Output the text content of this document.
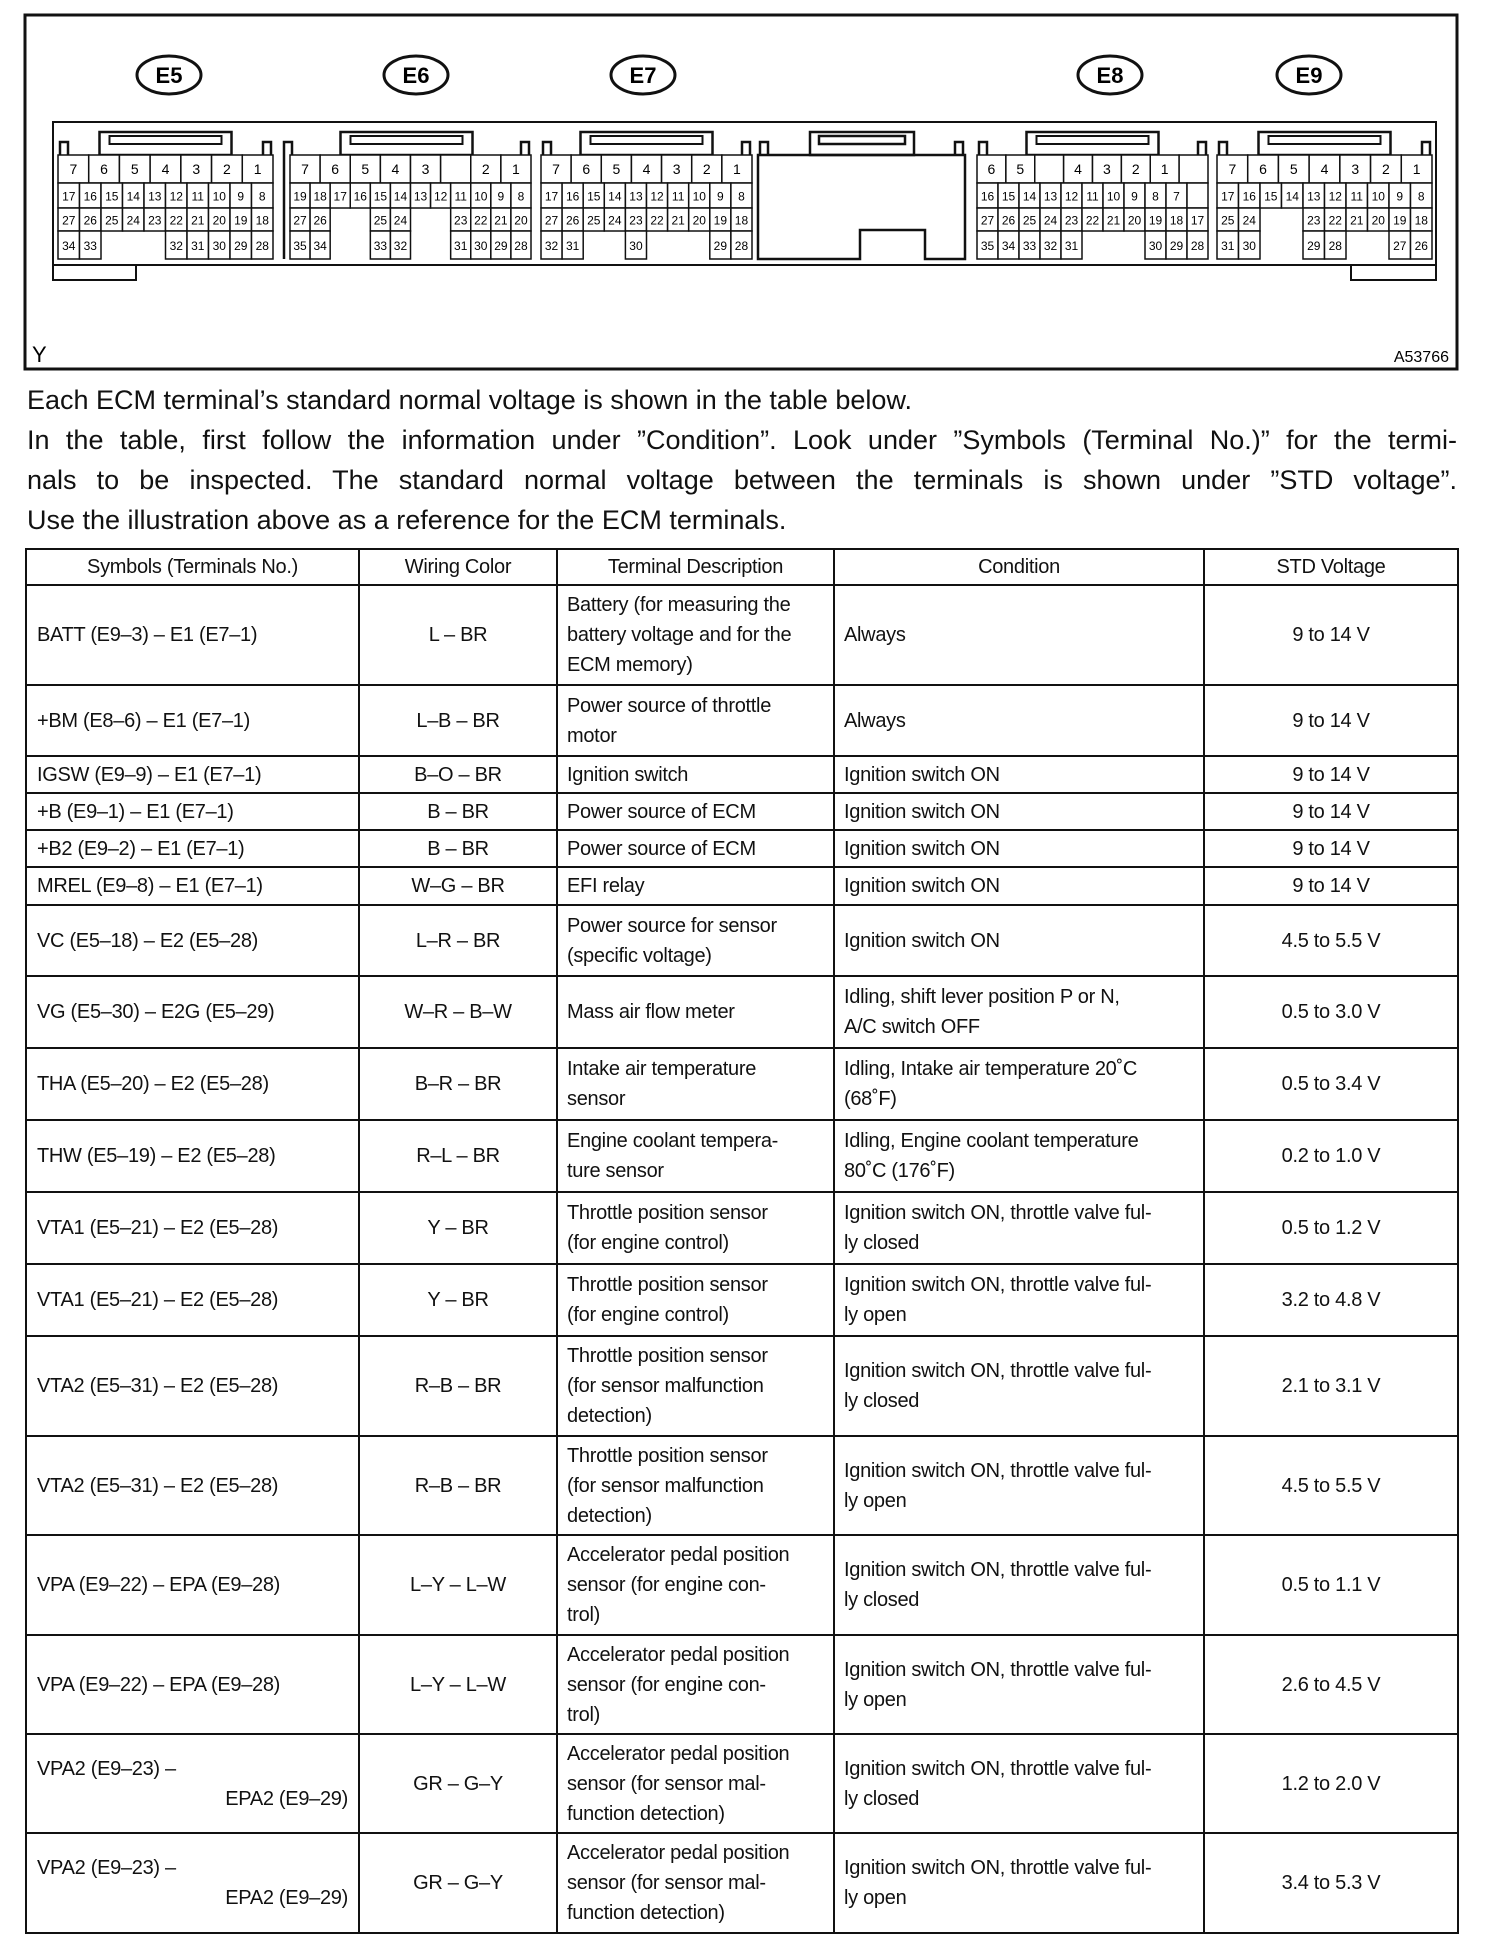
E5
7 6 5 4 3 2 1
17 16 15 14 13 12 11 10 9 8
27 26 25 24 23 22 21 20 19 18
34 33	32 31 30 29 28
E6
7 6 5 4 3	2 1
19 18 17 16 15 14 13 12 11 10 9 8
27 26	25 24	23 22 21 20
35 34	33 32	31 30 29 28
E7
7 6 5 4 3 2 1
17 16 15 14 13 12 11 10 9 8
27 26 25 24 23 22 21 20 19 18
32 31	30	29 28
E8
6 5	4 3 2 1
16 15 14 13 12 11 10 9 8 7
27 26 25 24 23 22 21 20 19 18 17
35 34 33 32 31	30 29 28
E9
7 6 5 4 3 2 1
17 16 15 14 13 12 11 10 9 8
25 24	23 22 21 20 19 18
31 30	29 28	27 26
Y	A53766
Each ECM terminal’s standard normal voltage is shown in the table below.
In the table, first follow the information under ”Condition”. Look under ”Symbols (Terminal No.)” for the termi-
nals to be inspected. The standard normal voltage between the terminals is shown under ”STD voltage”.
Use the illustration above as a reference for the ECM terminals.
Symbols (Terminals No.)	Wiring Color	Terminal Description	Condition	STD Voltage

BATT (E9–3) – E1 (E7–1)	L – BR	Battery (for measuring the
battery voltage and for the
ECM memory)	Always	9 to 14 V

+BM (E8–6) – E1 (E7–1)	L–B – BR	Power source of throttle
motor	Always	9 to 14 V

IGSW (E9–9) – E1 (E7–1)	B–O – BR	Ignition switch	Ignition switch ON	9 to 14 V

+B (E9–1) – E1 (E7–1)	B – BR	Power source of ECM	Ignition switch ON	9 to 14 V

+B2 (E9–2) – E1 (E7–1)	B – BR	Power source of ECM	Ignition switch ON	9 to 14 V

MREL (E9–8) – E1 (E7–1)	W–G – BR	EFI relay	Ignition switch ON	9 to 14 V

VC (E5–18) – E2 (E5–28)	L–R – BR	Power source for sensor
(specific voltage)	Ignition switch ON	4.5 to 5.5 V

VG (E5–30) – E2G (E5–29)	W–R – B–W	Mass air flow meter	Idling, shift lever position P or N,
A/C switch OFF	0.5 to 3.0 V

THA (E5–20) – E2 (E5–28)	B–R – BR	Intake air temperature
sensor	Idling, Intake air temperature 20˚C
(68˚F)	0.5 to 3.4 V

THW (E5–19) – E2 (E5–28)	R–L – BR	Engine coolant tempera-
ture sensor	Idling, Engine coolant temperature
80˚C (176˚F)	0.2 to 1.0 V

VTA1 (E5–21) – E2 (E5–28)	Y – BR	Throttle position sensor
(for engine control)	Ignition switch ON, throttle valve ful-
ly closed	0.5 to 1.2 V

VTA1 (E5–21) – E2 (E5–28)	Y – BR	Throttle position sensor
(for engine control)	Ignition switch ON, throttle valve ful-
ly open	3.2 to 4.8 V

VTA2 (E5–31) – E2 (E5–28)	R–B – BR	Throttle position sensor
(for sensor malfunction
detection)	Ignition switch ON, throttle valve ful-
ly closed	2.1 to 3.1 V

VTA2 (E5–31) – E2 (E5–28)	R–B – BR	Throttle position sensor
(for sensor malfunction
detection)	Ignition switch ON, throttle valve ful-
ly open	4.5 to 5.5 V

VPA (E9–22) – EPA (E9–28)	L–Y – L–W	Accelerator pedal position
sensor (for engine con-
trol)	Ignition switch ON, throttle valve ful-
ly closed	0.5 to 1.1 V

VPA (E9–22) – EPA (E9–28)	L–Y – L–W	Accelerator pedal position
sensor (for engine con-
trol)	Ignition switch ON, throttle valve ful-
ly open	2.6 to 4.5 V

VPA2 (E9–23) –
EPA2 (E9–29)	GR – G–Y	Accelerator pedal position
sensor (for sensor mal-
function detection)	Ignition switch ON, throttle valve ful-
ly closed	1.2 to 2.0 V

VPA2 (E9–23) –
EPA2 (E9–29)	GR – G–Y	Accelerator pedal position
sensor (for sensor mal-
function detection)	Ignition switch ON, throttle valve ful-
ly open	3.4 to 5.3 V
